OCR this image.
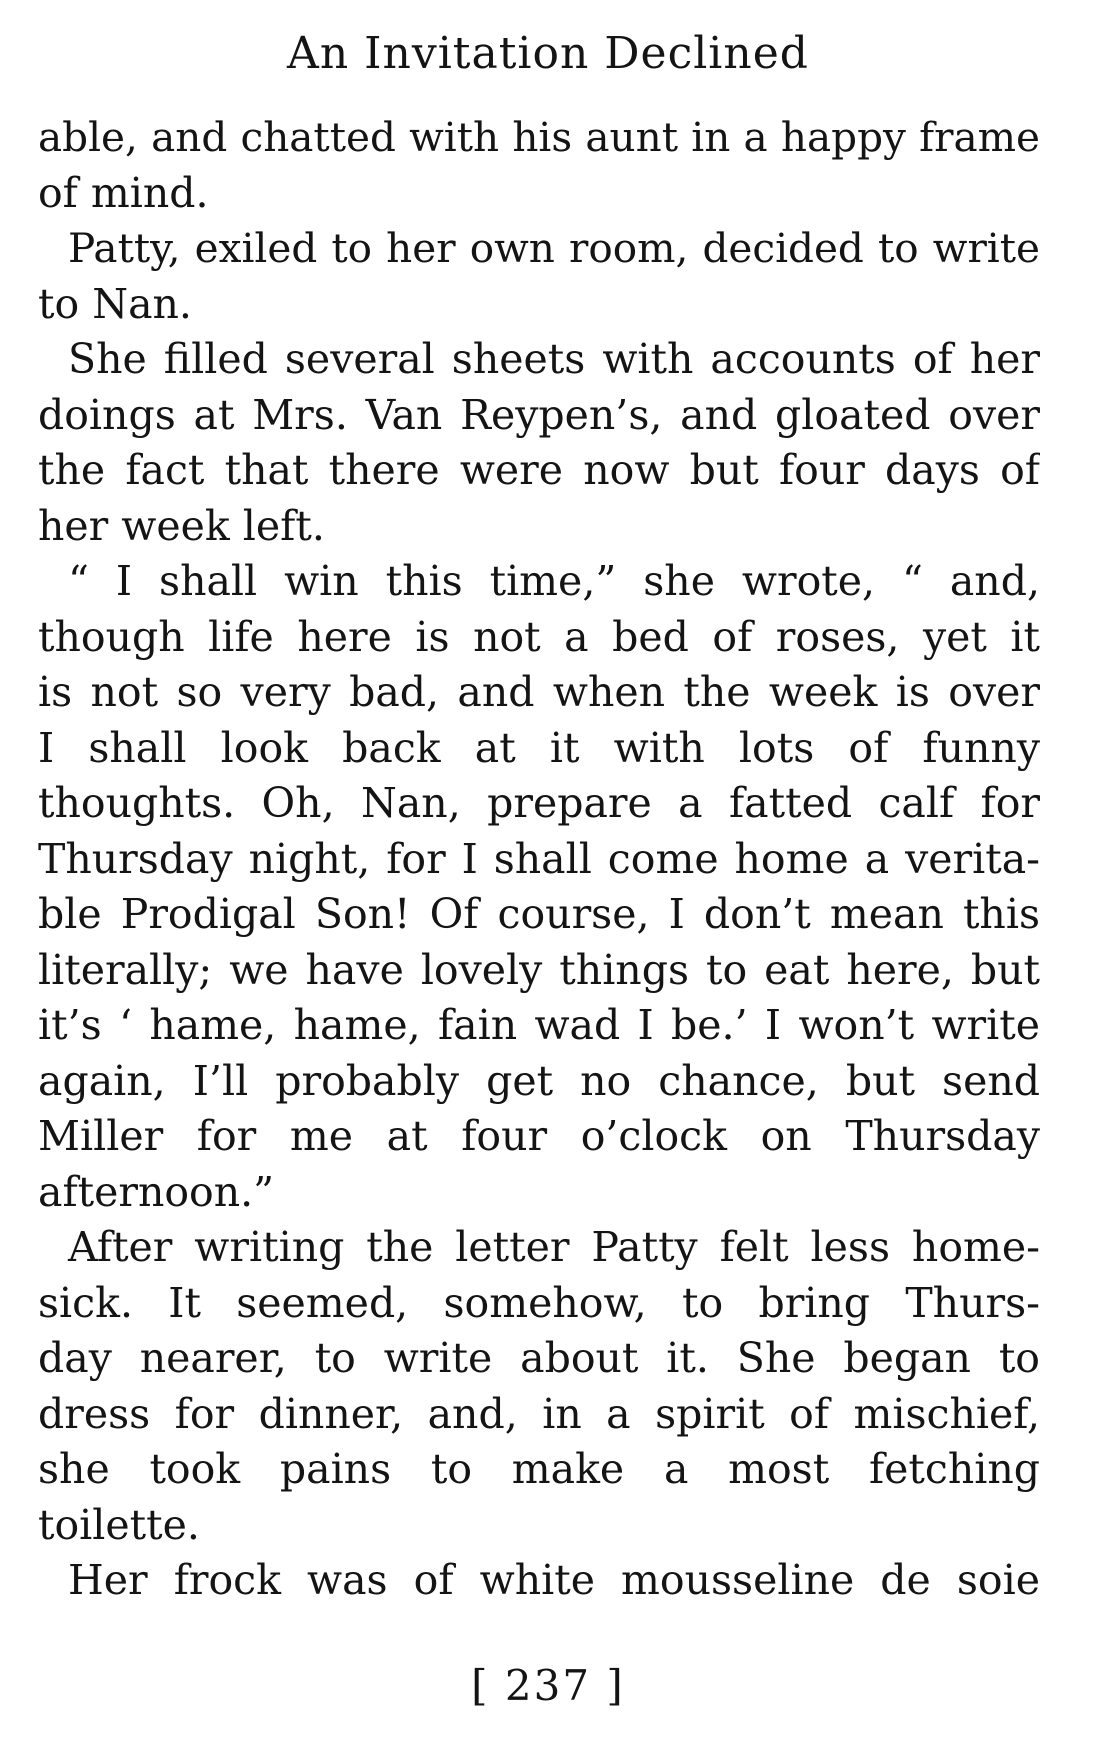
An Invitation Declined
able, and chatted with his aunt in a happy frame
of mind.
Patty, exiled to her own room, decided to write
to Nan.
She filled several sheets with accounts of her
doings at Mrs. Van Reypen’s, and gloated over
the fact that there were now but four days of
her week left.
“ I shall win this time,” she wrote, “ and,
though life here is not a bed of roses, yet it
is not so very bad, and when the week is over
I shall look back at it with lots of funny
thoughts. Oh, Nan, prepare a fatted calf for
Thursday night, for I shall come home a verita-
ble Prodigal Son! Of course, I don’t mean this
literally; we have lovely things to eat here, but
it’s ‘ hame, hame, fain wad I be.’ I won’t write
again, I’ll probably get no chance, but send
Miller for me at four o’clock on Thursday
afternoon.”
After writing the letter Patty felt less home-
sick. It seemed, somehow, to bring Thurs-
day nearer, to write about it. She began to
dress for dinner, and, in a spirit of mischief,
she took pains to make a most fetching
toilette.
Her frock was of white mousseline de soie
[ 237 ]
